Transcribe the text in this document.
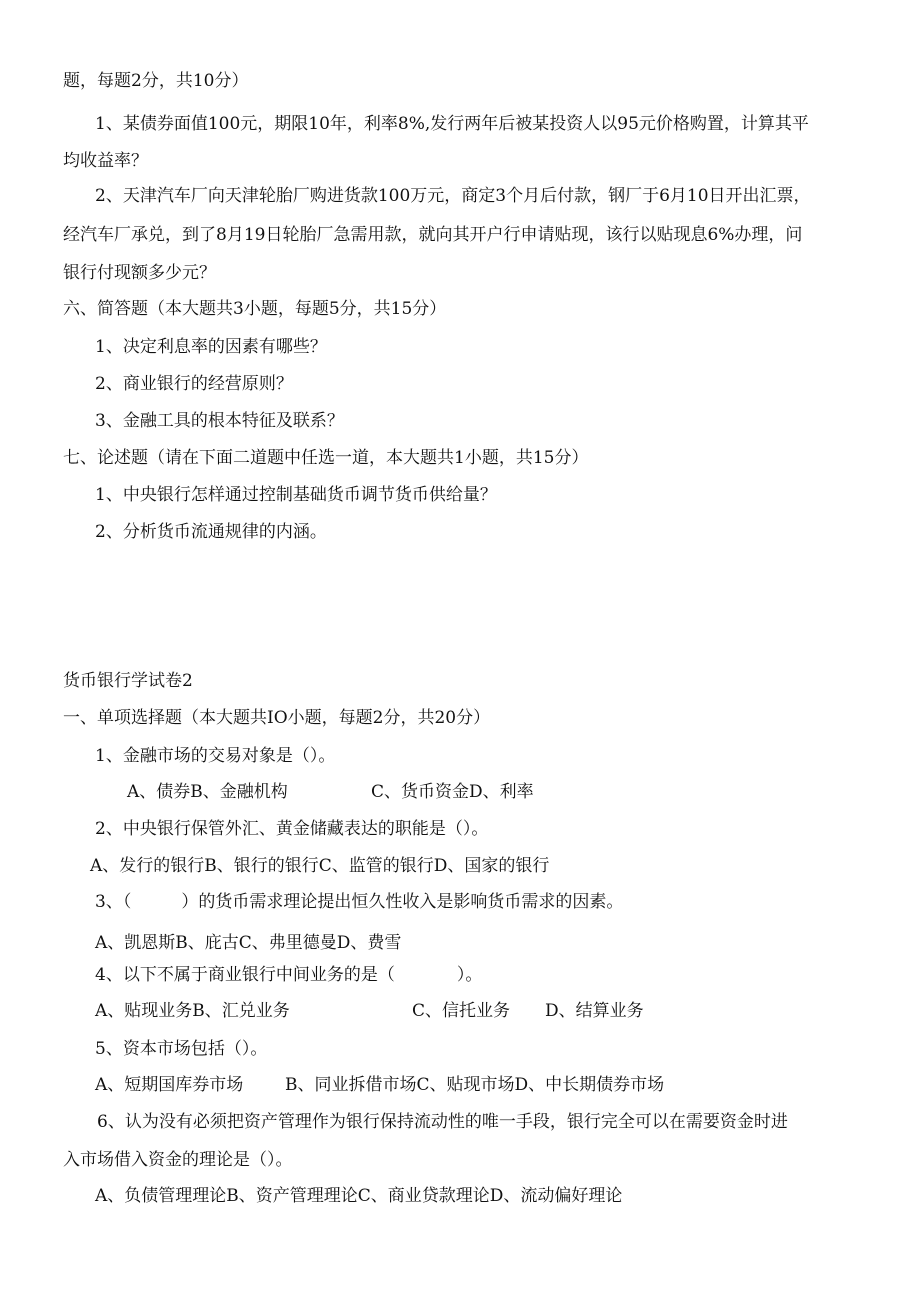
题，每题2分，共10分）
1、某债券面值100元，期限10年，利率8%,发行两年后被某投资人以95元价格购置，计算其平
均收益率？
2、天津汽车厂向天津轮胎厂购进货款100万元，商定3个月后付款，钢厂于6月10日开出汇票，
经汽车厂承兑，到了8月19日轮胎厂急需用款，就向其开户行申请贴现，该行以贴现息6%办理，问
银行付现额多少元？
六、简答题（本大题共3小题，每题5分，共15分）
1、决定利息率的因素有哪些？
2、商业银行的经营原则？
3、金融工具的根本特征及联系？
七、论述题（请在下面二道题中任选一道，本大题共1小题，共15分）
1、中央银行怎样通过控制基础货币调节货币供给量？
2、分析货币流通规律的内涵。
货币银行学试卷2
一、单项选择题（本大题共IO小题，每题2分，共20分）
1、金融市场的交易对象是（）。
A、债券B、金融机构	C、货币资金D、利率
2、中央银行保管外汇、黄金储藏表达的职能是（）。
A、发行的银行B、银行的银行C、监管的银行D、国家的银行
3、（	）的货币需求理论提出恒久性收入是影响货币需求的因素。
A、凯恩斯B、庇古C、弗里德曼D、费雪
4、以下不属于商业银行中间业务的是（	）。
A、贴现业务B、汇兑业务	C、信托业务 D、结算业务
5、资本市场包括（）。
A、短期国库券市场 B、同业拆借市场C、贴现市场D、中长期债券市场
6、认为没有必须把资产管理作为银行保持流动性的唯一手段，银行完全可以在需要资金时进
入市场借入资金的理论是（）。
A、负债管理理论B、资产管理理论C、商业贷款理论D、流动偏好理论
